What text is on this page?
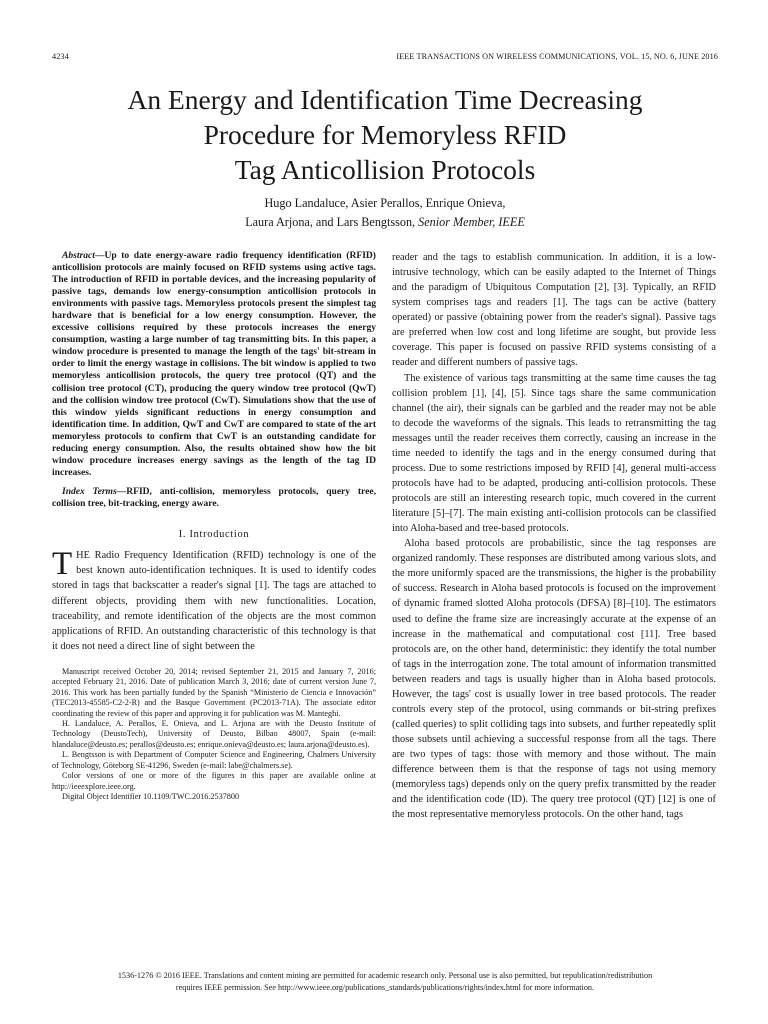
4234	IEEE TRANSACTIONS ON WIRELESS COMMUNICATIONS, VOL. 15, NO. 6, JUNE 2016
An Energy and Identification Time Decreasing
Procedure for Memoryless RFID
Tag Anticollision Protocols
Hugo Landaluce, Asier Perallos, Enrique Onieva,
Laura Arjona, and Lars Bengtsson, Senior Member, IEEE

Abstract—Up to date energy-aware radio frequency identification (RFID) anticollision protocols are mainly focused on RFID systems using active tags. The introduction of RFID in portable devices, and the increasing popularity of passive tags, demands low energy-consumption anticollision protocols in environments with passive tags. Memoryless protocols present the simplest tag hardware that is beneficial for a low energy consumption. However, the excessive collisions required by these protocols increases the energy consumption, wasting a large number of tag transmitting bits. In this paper, a window procedure is presented to manage the length of the tags' bit-stream in order to limit the energy wastage in collisions. The bit window is applied to two memoryless anticollision protocols, the query tree protocol (QT) and the collision tree protocol (CT), producing the query window tree protocol (QwT) and the collision window tree protocol (CwT). Simulations show that the use of this window yields significant reductions in energy consumption and identification time. In addition, QwT and CwT are compared to state of the art memoryless protocols to confirm that CwT is an outstanding candidate for reducing energy consumption. Also, the results obtained show how the bit window procedure increases energy savings as the length of the tag ID increases.

Index Terms—RFID, anti-collision, memoryless protocols, query tree, collision tree, bit-tracking, energy aware.

I. Introduction

THE Radio Frequency Identification (RFID) technology is one of the best known auto-identification techniques. It is used to identify codes stored in tags that backscatter a reader's signal [1]. The tags are attached to different objects, providing them with new functionalities. Location, traceability, and remote identification of the objects are the most common applications of RFID. An outstanding characteristic of this technology is that it does not need a direct line of sight between the

Manuscript received October 20, 2014; revised September 21, 2015 and January 7, 2016; accepted February 21, 2016. Date of publication March 3, 2016; date of current version June 7, 2016. This work has been partially funded by the Spanish “Ministerio de Ciencia e Innovación” (TEC2013-45585-C2-2-R) and the Basque Government (PC2013-71A). The associate editor coordinating the review of this paper and approving it for publication was M. Manteghi.

H. Landaluce, A. Perallos, E. Onieva, and L. Arjona are with the Deusto Institute of Technology (DeustoTech), University of Deusto, Bilbao 48007, Spain (e-mail: hlandaluce@deusto.es; perallos@deusto.es; enrique.onieva@deusto.es; laura.arjona@deusto.es).

L. Bengtsson is with Department of Computer Science and Engineering, Chalmers University of Technology, Göteborg SE-41296, Sweden (e-mail: labe@chalmers.se).

Color versions of one or more of the figures in this paper are available online at http://ieeexplore.ieee.org.

Digital Object Identifier 10.1109/TWC.2016.2537800

reader and the tags to establish communication. In addition, it is a low-intrusive technology, which can be easily adapted to the Internet of Things and the paradigm of Ubiquitous Computation [2], [3]. Typically, an RFID system comprises tags and readers [1]. The tags can be active (battery operated) or passive (obtaining power from the reader's signal). Passive tags are preferred when low cost and long lifetime are sought, but provide less coverage. This paper is focused on passive RFID systems consisting of a reader and different numbers of passive tags.

The existence of various tags transmitting at the same time causes the tag collision problem [1], [4], [5]. Since tags share the same communication channel (the air), their signals can be garbled and the reader may not be able to decode the waveforms of the signals. This leads to retransmitting the tag messages until the reader receives them correctly, causing an increase in the time needed to identify the tags and in the energy consumed during that process. Due to some restrictions imposed by RFID [4], general multi-access protocols have had to be adapted, producing anti-collision protocols. These protocols are still an interesting research topic, much covered in the current literature [5]–[7]. The main existing anti-collision protocols can be classified into Aloha-based and tree-based protocols.

Aloha based protocols are probabilistic, since the tag responses are organized randomly. These responses are distributed among various slots, and the more uniformly spaced are the transmissions, the higher is the probability of success. Research in Aloha based protocols is focused on the improvement of dynamic framed slotted Aloha protocols (DFSA) [8]–[10]. The estimators used to define the frame size are increasingly accurate at the expense of an increase in the mathematical and computational cost [11]. Tree based protocols are, on the other hand, deterministic: they identify the total number of tags in the interrogation zone. The total amount of information transmitted between readers and tags is usually higher than in Aloha based protocols. However, the tags' cost is usually lower in tree based protocols. The reader controls every step of the protocol, using commands or bit-string prefixes (called queries) to split colliding tags into subsets, and further repeatedly split those subsets until achieving a successful response from all the tags. There are two types of tags: those with memory and those without. The main difference between them is that the response of tags not using memory (memoryless tags) depends only on the query prefix transmitted by the reader and the identification code (ID). The query tree protocol (QT) [12] is one of the most representative memoryless protocols. On the other hand, tags

1536-1276 © 2016 IEEE. Translations and content mining are permitted for academic research only. Personal use is also permitted, but republication/redistribution
requires IEEE permission. See http://www.ieee.org/publications_standards/publications/rights/index.html for more information.
